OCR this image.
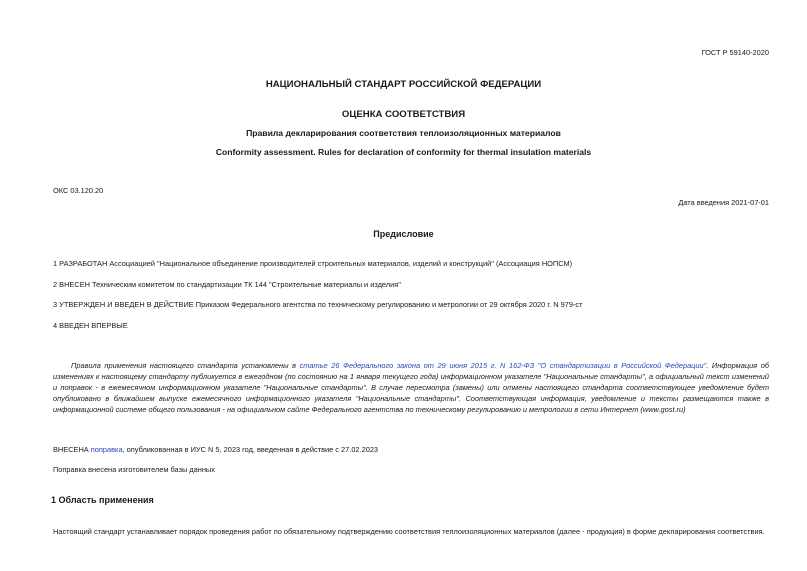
ГОСТ Р 59140-2020
НАЦИОНАЛЬНЫЙ СТАНДАРТ РОССИЙСКОЙ ФЕДЕРАЦИИ
ОЦЕНКА СООТВЕТСТВИЯ
Правила декларирования соответствия теплоизоляционных материалов
Conformity assessment. Rules for declaration of conformity for thermal insulation materials
ОКС 03.120.20
Дата введения 2021-07-01
Предисловие
1 РАЗРАБОТАН Ассоциацией "Национальное объединение производителей строительных материалов, изделий и конструкций" (Ассоциация НОПСМ)
2 ВНЕСЕН Техническим комитетом по стандартизации ТК 144 "Строительные материалы и изделия"
3 УТВЕРЖДЕН И ВВЕДЕН В ДЕЙСТВИЕ Приказом Федерального агентства по техническому регулированию и метрологии от 29 октября 2020 г. N 979-ст
4 ВВЕДЕН ВПЕРВЫЕ
Правила применения настоящего стандарта установлены в статье 26 Федерального закона от 29 июня 2015 г. N 162-ФЗ "О стандартизации в Российской Федерации". Информация об изменениях к настоящему стандарту публикуется в ежегодном (по состоянию на 1 января текущего года) информационном указателе "Национальные стандарты", а официальный текст изменений и поправок - в ежемесячном информационном указателе "Национальные стандарты". В случае пересмотра (замены) или отмены настоящего стандарта соответствующее уведомление будет опубликовано в ближайшем выпуске ежемесячного информационного указателя "Национальные стандарты". Соответствующая информация, уведомление и тексты размещаются также в информационной системе общего пользования - на официальном сайте Федерального агентства по техническому регулированию и метрологии в сети Интернет (www.gost.ru)
ВНЕСЕНА поправка, опубликованная в ИУС N 5, 2023 год, введенная в действие с 27.02.2023
Поправка внесена изготовителем базы данных
1 Область применения
Настоящий стандарт устанавливает порядок проведения работ по обязательному подтверждению соответствия теплоизоляционных материалов (далее - продукция) в форме декларирования соответствия.
